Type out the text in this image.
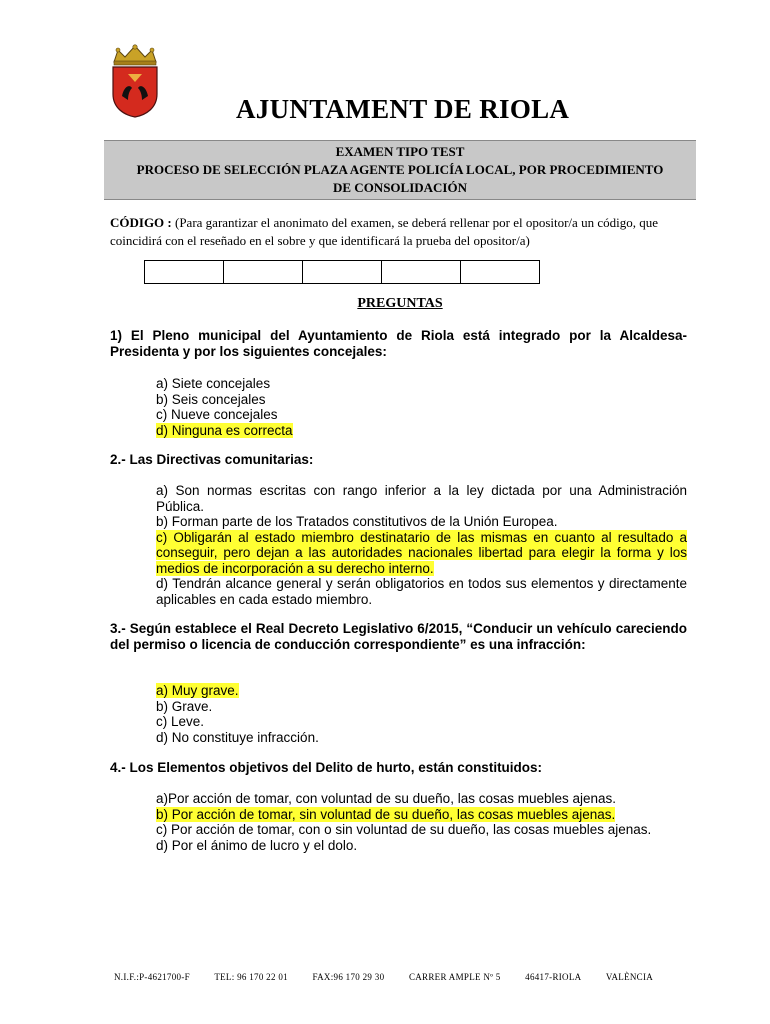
AJUNTAMENT DE RIOLA
EXAMEN TIPO TEST
PROCESO DE SELECCIÓN PLAZA AGENTE POLICÍA LOCAL, POR PROCEDIMIENTO
DE CONSOLIDACIÓN
CÓDIGO : (Para garantizar el anonimato del examen, se deberá rellenar por el opositor/a un código, que coincidirá con el reseñado en el sobre y que identificará la prueba del opositor/a)

PREGUNTAS
1) El Pleno municipal del Ayuntamiento de Riola está integrado por la Alcaldesa-Presidenta y por los siguientes concejales:
a) Siete concejales
b) Seis concejales
c) Nueve concejales
d) Ninguna es correcta
2.- Las Directivas comunitarias:
a) Son normas escritas con rango inferior a la ley dictada por una Administración Pública.
b) Forman parte de los Tratados constitutivos de la Unión Europea.
c) Obligarán al estado miembro destinatario de las mismas en cuanto al resultado a conseguir, pero dejan a las autoridades nacionales libertad para elegir la forma y los medios de incorporación a su derecho interno.
d) Tendrán alcance general y serán obligatorios en todos sus elementos y directamente aplicables en cada estado miembro.
3.- Según establece el Real Decreto Legislativo 6/2015, “Conducir un vehículo careciendo del permiso o licencia de conducción correspondiente” es una infracción:
a) Muy grave.
b) Grave.
c) Leve.
d) No constituye infracción.
4.- Los Elementos objetivos del Delito de hurto, están constituidos:
a)Por acción de tomar, con voluntad de su dueño, las cosas muebles ajenas.
b) Por acción de tomar, sin voluntad de su dueño, las cosas muebles ajenas.
c) Por acción de tomar, con o sin voluntad de su dueño, las cosas muebles ajenas.
d) Por el ánimo de lucro y el dolo.
N.I.F.:P-4621700-F	TEL: 96 170 22 01	FAX:96 170 29 30	CARRER AMPLE Nº 5	46417-RIOLA	VALÈNCIA
